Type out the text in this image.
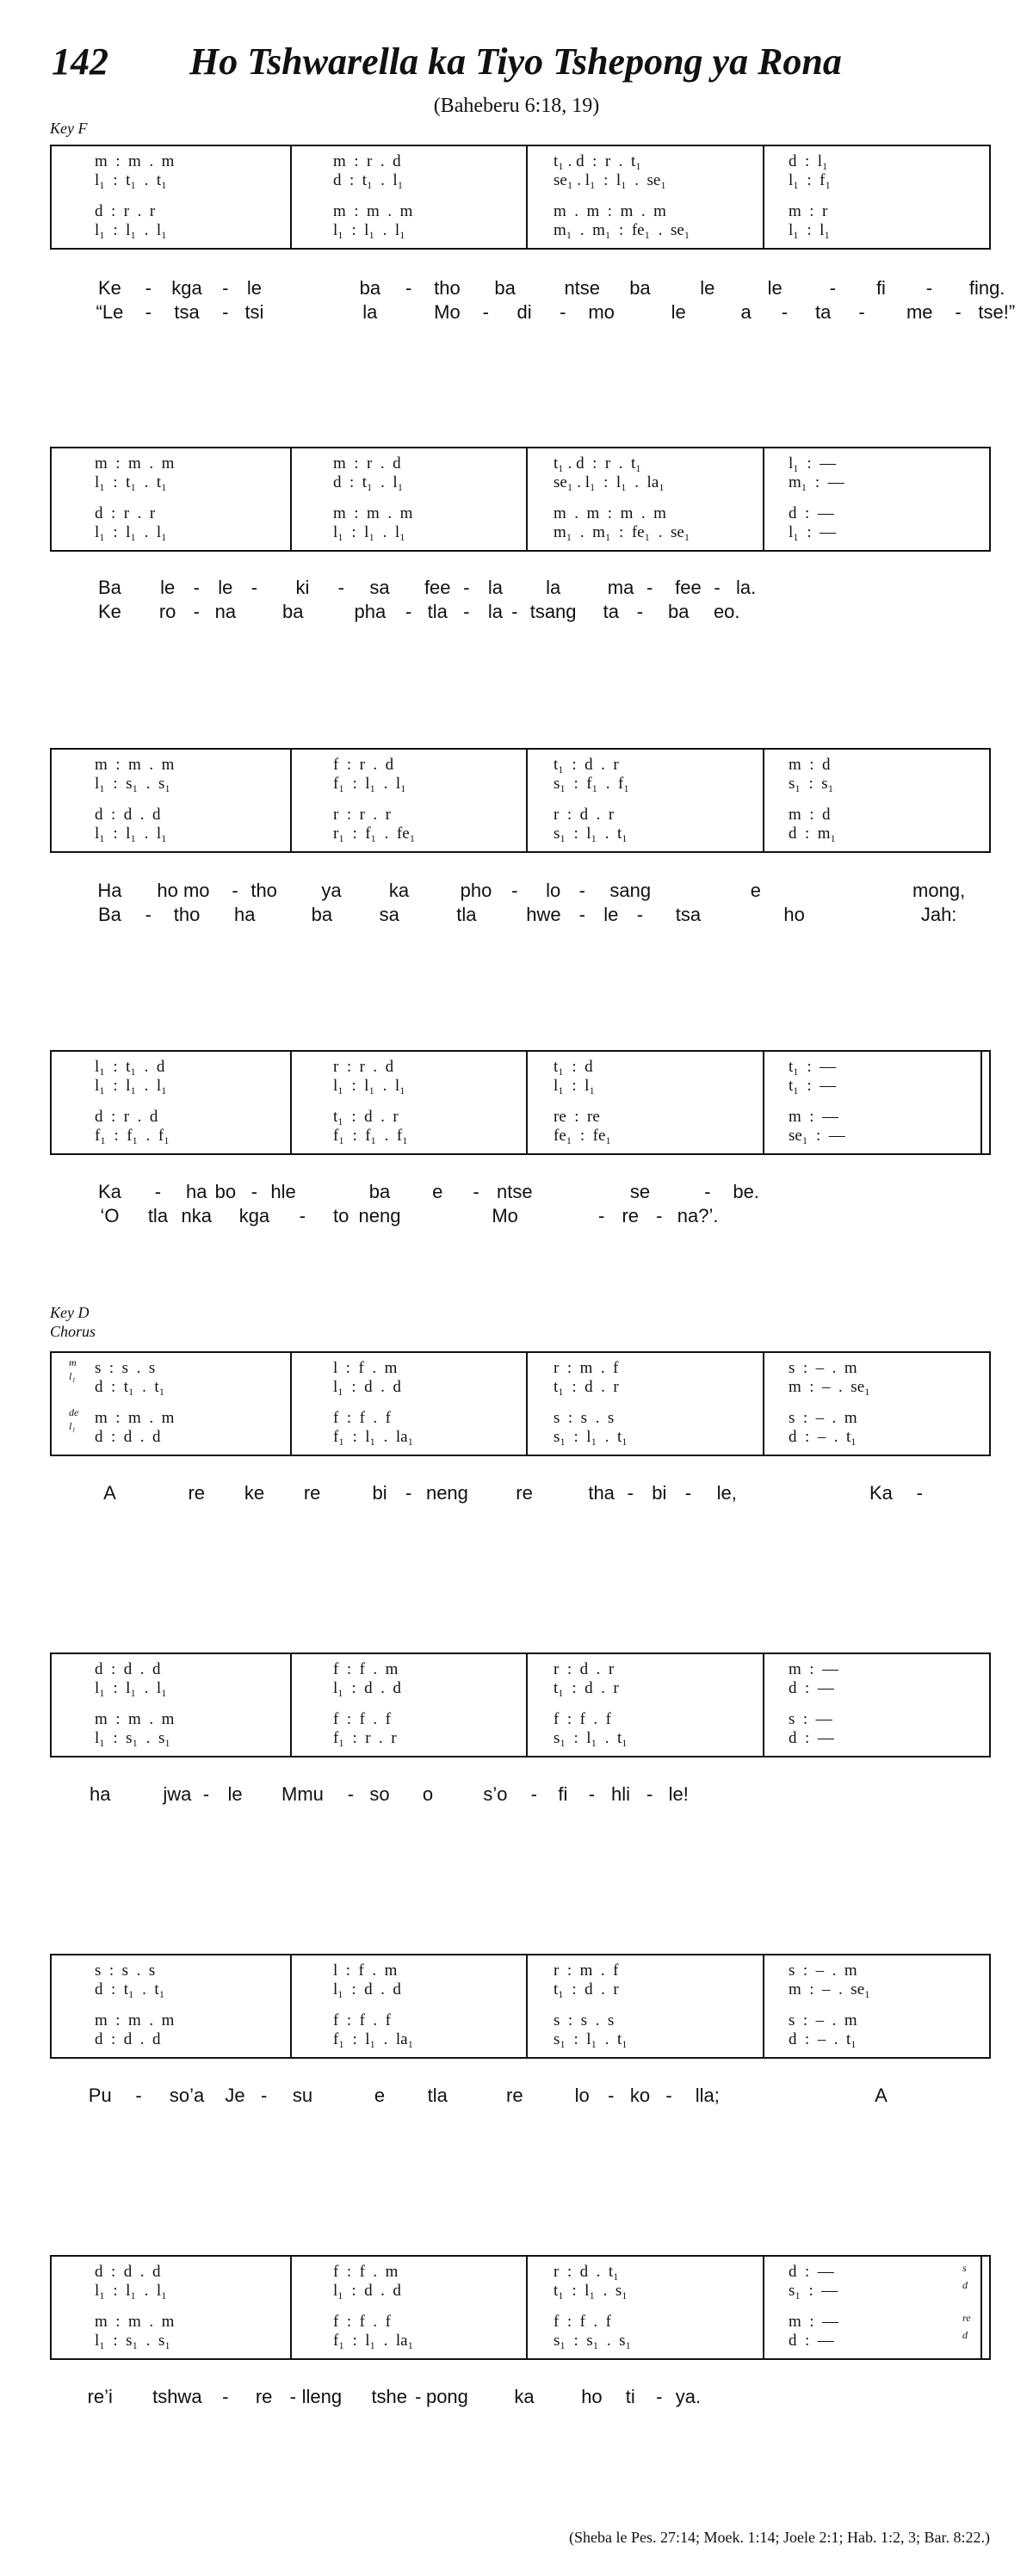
142 Ho Tshwarella ka Tiyo Tshepong ya Rona
(Baheberu 6:18, 19)
Key F
Key D
Chorus
m  :  m  .  m	m  :  r  .  d	t₁ . d  :  r  .  t₁	d  :  l₁
l₁  :  t₁  .  t₁	d  :  t₁  .  l₁	se₁ . l₁  :  l₁  .  se₁	l₁  :  f₁
d  :  r  .  r	m  :  m  .  m	m  .  m  :  m  .  m	m  :  r
l₁  :  l₁  .  l₁	l₁  :  l₁  .  l₁	m₁  .  m₁  :  fe₁  .  se₁	l₁  :  l₁
Ke - kga - le	ba - tho ba	ntse ba	le	le - fi - fing.
“Le - tsa - tsi	la	Mo - di - mo	le	a - ta - me - tse!”
m  :  m  .  m	m  :  r  .  d	t₁ . d  :  r  .  t₁	l₁  :  —
l₁  :  t₁  .  t₁	d  :  t₁  .  l₁	se₁ . l₁  :  l₁  .  la₁	m₁  :  —
d  :  r  .  r	m  :  m  .  m	m  .  m  :  m  .  m	d  :  —
l₁  :  l₁  .  l₁	l₁  :  l₁  .  l₁	m₁  .  m₁  :  fe₁  .  se₁	l₁  :  —
Ba le - le - ki - sa fee - la la ma - fee - la.
Ke ro - na ba	pha - tla - la - tsang ta - ba eo.
m  :  m  .  m	f  :  r  .  d	t₁  :  d  .  r	m  :  d
l₁  :  s₁  .  s₁	f₁  :  l₁  .  l₁	s₁  :  f₁  .  f₁	s₁  :  s₁
d  :  d  .  d	r  :  r  .  r	r  :  d  .  r	m  :  d
l₁  :  l₁  .  l₁	r₁  :  f₁  .  fe₁	s₁  :  l₁  .  t₁	d  :  m₁
Ha ho mo - tho ya	ka	pho - lo - sang	e	mong,
Ba - tho ha	ba sa	tla	hwe - le - tsa	ho	Jah:
l₁  :  t₁  .  d	r  :  r  .  d	t₁  :  d	t₁  :  —
l₁  :  l₁  .  l₁	l₁  :  l₁  .  l₁	l₁  :  l₁	t₁  :  —
d  :  r  .  d	t₁  :  d  .  r	re  :  re	m  :  —
f₁  :  f₁  .  f₁	f₁  :  f₁  .  f₁	fe₁  :  fe₁	se₁  :  —
Ka - ha bo - hle	ba e - ntse	se	- be.
‘O tla nka kga - to neng	Mo	- re - na?’.
s  :  s  .  s	l  :  f  .  m	r  :  m  .  f	s  :  –  .  m
d  :  t₁  .  t₁	l₁  :  d  .  d	t₁  :  d  .  r	m  :  –  .  se₁
m  :  m  .  m	f  :  f  .  f	s  :  s  .  s	s  :  –  .  m
d  :  d  .  d	f₁  :  l₁  .  la₁	s₁  :  l₁  .  t₁	d  :  –  .  t₁
m
l₁
de
l₁
A	re ke re	bi - neng	re	tha - bi - le,	Ka -
d  :  d  .  d	f  :  f  .  m	r  :  d  .  r	m  :  —
l₁  :  l₁  .  l₁	l₁  :  d  .  d	t₁  :  d  .  r	d  :  —
m  :  m  .  m	f  :  f  .  f	f  :  f  .  f	s  :  —
l₁  :  s₁  .  s₁	f₁  :  r  .  r	s₁  :  l₁  .  t₁	d  :  —
ha	jwa - le Mmu - so o	s’o - fi - hli - le!
s  :  s  .  s	l  :  f  .  m	r  :  m  .  f	s  :  –  .  m
d  :  t₁  .  t₁	l₁  :  d  .  d	t₁  :  d  .  r	m  :  –  .  se₁
m  :  m  .  m	f  :  f  .  f	s  :  s  .  s	s  :  –  .  m
d  :  d  .  d	f₁  :  l₁  .  la₁	s₁  :  l₁  .  t₁	d  :  –  .  t₁
Pu - so’a Je - su	e tla	re	lo - ko - lla;	A
d  :  d  .  d	f  :  f  .  m	r  :  d  .  t₁	d  :  —
l₁  :  l₁  .  l₁	l₁  :  d  .  d	t₁  :  l₁  .  s₁	s₁  :  —
m  :  m  .  m	f  :  f  .  f	f  :  f  .  f	m  :  —
l₁  :  s₁  .  s₁	f₁  :  l₁  .  la₁	s₁  :  s₁  .  s₁	d  :  —
s
d
re
d
re’i tshwa - re - lleng tshe - pong ka ho ti - ya.
(Sheba le Pes. 27:14; Moek. 1:14; Joele 2:1; Hab. 1:2, 3; Bar. 8:22.)
